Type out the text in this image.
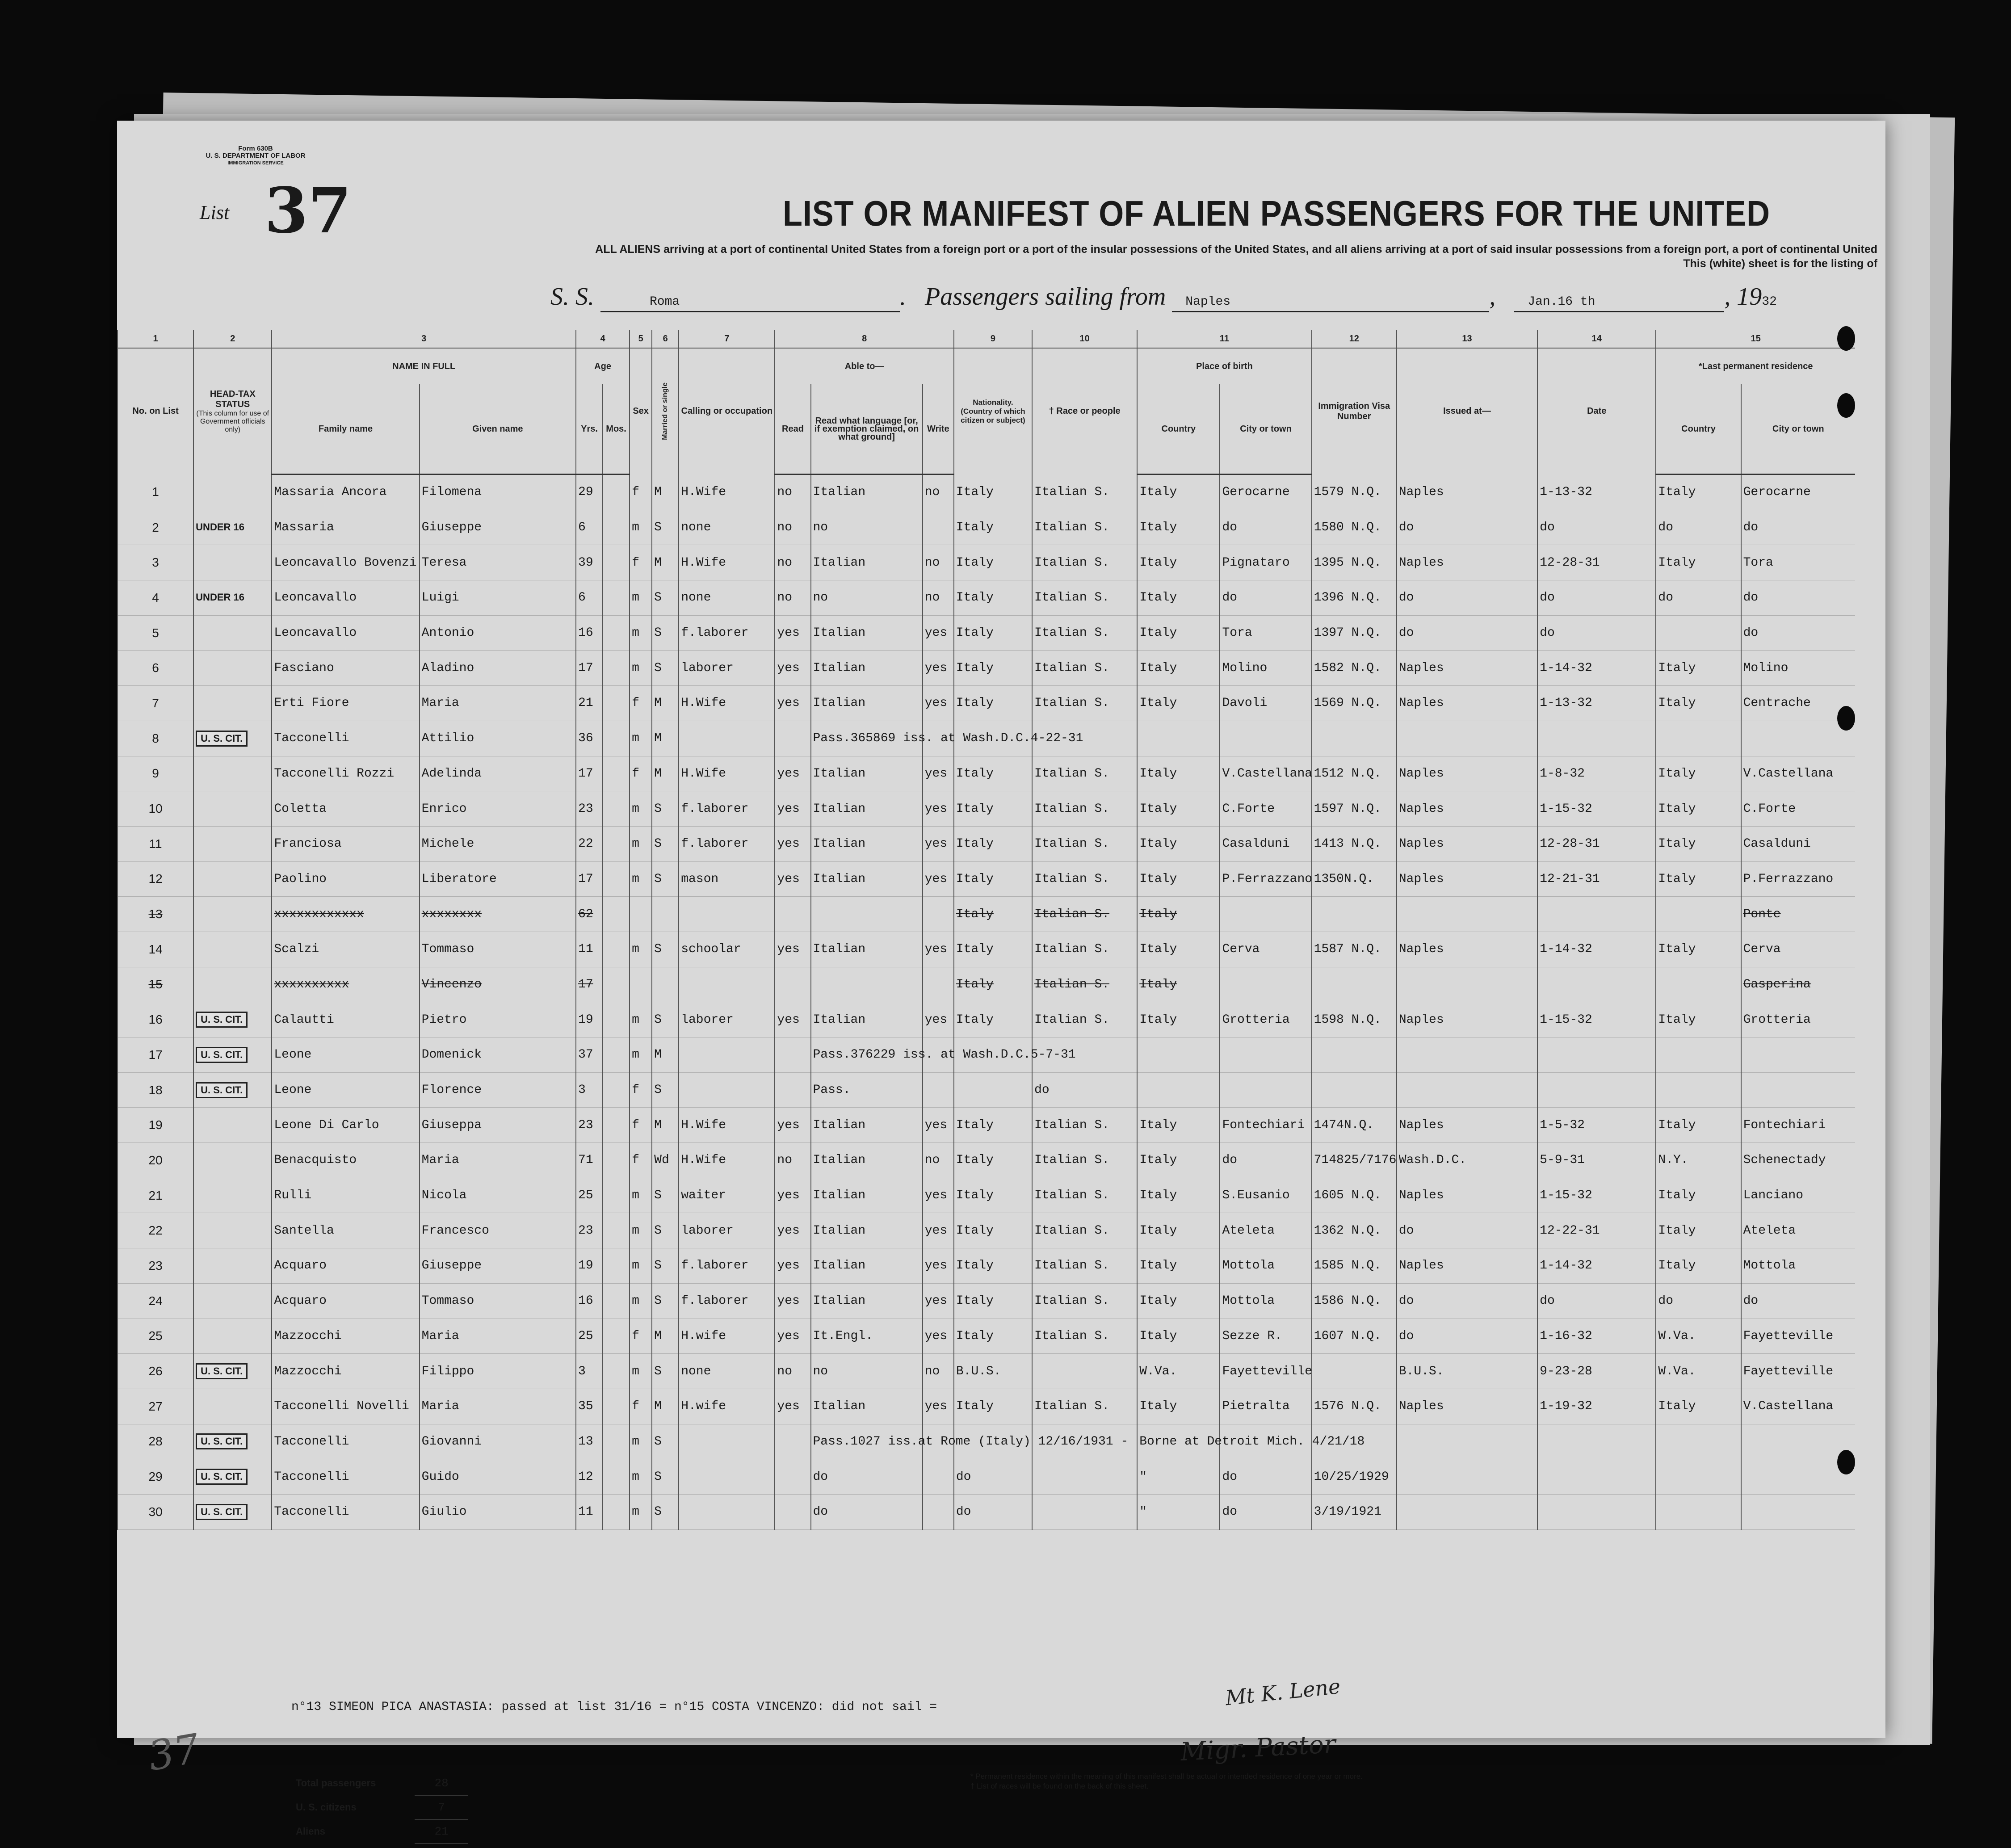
Form 630B
U. S. DEPARTMENT OF LABOR
IMMIGRATION SERVICE
List 37	LIST OR MANIFEST OF ALIEN PASSENGERS FOR THE UNITED
ALL ALIENS arriving at a port of continental United States from a foreign port or a port of the insular possessions of the United States, and all aliens arriving at a port of said insular possessions from a foreign port, a port of continental United
This (white) sheet is for the listing of
S. S.	Roma	.   Passengers sailing from Naples	,   Jan.16 th	, 1932
1	2	3		4		5	6	7	8			9	10	11		12	13	14	15	
No. on List	HEAD-TAX STATUS
(This column for use of Government officials only)	NAME IN FULL		Age		Sex	Married or single	Calling or occupation	Able to—			Nationality. (Country of which citizen or subject)	† Race or people	Place of birth		Immigration Visa Number	Issued at—	Date	*Last permanent residence	
		Family name	Given name	Yrs.	Mos.				Read	Read what language [or, if exemption claimed, on what ground]	Write			Country	City or town				Country	City or town
1		Massaria Ancora	Filomena	29		f	M	H.Wife	no	Italian	no	Italy	Italian S.	Italy	Gerocarne	1579 N.Q.	Naples	1-13-32	Italy	Gerocarne
2	UNDER 16	Massaria	Giuseppe	6		m	S	none	no	no		Italy	Italian S.	Italy	do	1580 N.Q.	do	do	do	do
3		Leoncavallo Bovenzi	Teresa	39		f	M	H.Wife	no	Italian	no	Italy	Italian S.	Italy	Pignataro	1395 N.Q.	Naples	12-28-31	Italy	Tora
4	UNDER 16	Leoncavallo	Luigi	6		m	S	none	no	no	no	Italy	Italian S.	Italy	do	1396 N.Q.	do	do	do	do
5		Leoncavallo	Antonio	16		m	S	f.laborer	yes	Italian	yes	Italy	Italian S.	Italy	Tora	1397 N.Q.	do	do		do
6		Fasciano	Aladino	17		m	S	laborer	yes	Italian	yes	Italy	Italian S.	Italy	Molino	1582 N.Q.	Naples	1-14-32	Italy	Molino
7		Erti Fiore	Maria	21		f	M	H.Wife	yes	Italian	yes	Italy	Italian S.	Italy	Davoli	1569 N.Q.	Naples	1-13-32	Italy	Centrache
8	U. S. CIT.	Tacconelli	Attilio	36		m	M			Pass.365869 iss. at Wash.D.C.4-22-31										
9		Tacconelli Rozzi	Adelinda	17		f	M	H.Wife	yes	Italian	yes	Italy	Italian S.	Italy	V.Castellana	1512 N.Q.	Naples	1-8-32	Italy	V.Castellana
10		Coletta	Enrico	23		m	S	f.laborer	yes	Italian	yes	Italy	Italian S.	Italy	C.Forte	1597 N.Q.	Naples	1-15-32	Italy	C.Forte
11		Franciosa	Michele	22		m	S	f.laborer	yes	Italian	yes	Italy	Italian S.	Italy	Casalduni	1413 N.Q.	Naples	12-28-31	Italy	Casalduni
12		Paolino	Liberatore	17		m	S	mason	yes	Italian	yes	Italy	Italian S.	Italy	P.Ferrazzano	1350N.Q.	Naples	12-21-31	Italy	P.Ferrazzano
13		xxxxxxxxxxxx	xxxxxxxx	62								Italy	Italian S.	Italy						Ponte
14		Scalzi	Tommaso	11		m	S	schoolar	yes	Italian	yes	Italy	Italian S.	Italy	Cerva	1587 N.Q.	Naples	1-14-32	Italy	Cerva
15		xxxxxxxxxx	Vincenzo	17								Italy	Italian S.	Italy						Gasperina
16	U. S. CIT.	Calautti	Pietro	19		m	S	laborer	yes	Italian	yes	Italy	Italian S.	Italy	Grotteria	1598 N.Q.	Naples	1-15-32	Italy	Grotteria
17	U. S. CIT.	Leone	Domenick	37		m	M			Pass.376229 iss. at Wash.D.C.5-7-31										
18	U. S. CIT.	Leone	Florence	3		f	S			Pass.			do							
19		Leone Di Carlo	Giuseppa	23		f	M	H.Wife	yes	Italian	yes	Italy	Italian S.	Italy	Fontechiari	1474N.Q.	Naples	1-5-32	Italy	Fontechiari
20		Benacquisto	Maria	71		f	Wd	H.Wife	no	Italian	no	Italy	Italian S.	Italy	do	714825/7176	Wash.D.C.	5-9-31	N.Y.	Schenectady
21		Rulli	Nicola	25		m	S	waiter	yes	Italian	yes	Italy	Italian S.	Italy	S.Eusanio	1605 N.Q.	Naples	1-15-32	Italy	Lanciano
22		Santella	Francesco	23		m	S	laborer	yes	Italian	yes	Italy	Italian S.	Italy	Ateleta	1362 N.Q.	do	12-22-31	Italy	Ateleta
23		Acquaro	Giuseppe	19		m	S	f.laborer	yes	Italian	yes	Italy	Italian S.	Italy	Mottola	1585 N.Q.	Naples	1-14-32	Italy	Mottola
24		Acquaro	Tommaso	16		m	S	f.laborer	yes	Italian	yes	Italy	Italian S.	Italy	Mottola	1586 N.Q.	do	do	do	do
25		Mazzocchi	Maria	25		f	M	H.wife	yes	It.Engl.	yes	Italy	Italian S.	Italy	Sezze R.	1607 N.Q.	do	1-16-32	W.Va.	Fayetteville
26	U. S. CIT.	Mazzocchi	Filippo	3		m	S	none	no	no	no	B.U.S.		W.Va.	Fayetteville		B.U.S.	9-23-28	W.Va.	Fayetteville
27		Tacconelli Novelli	Maria	35		f	M	H.wife	yes	Italian	yes	Italy	Italian S.	Italy	Pietralta	1576 N.Q.	Naples	1-19-32	Italy	V.Castellana
28	U. S. CIT.	Tacconelli	Giovanni	13		m	S			Pass.1027 iss.at Rome (Italy) 12/16/1931 -				Borne at Detroit Mich. 4/21/18						
29	U. S. CIT.	Tacconelli	Guido	12		m	S			do		do		"	do	10/25/1929				
30	U. S. CIT.	Tacconelli	Giulio	11		m	S			do		do		"	do	3/19/1921				
n°13 SIMEON PICA ANASTASIA: passed at list 31/16 = n°15 COSTA VINCENZO: did not sail =	Mt K. Lene
Migr. Pastor
37
Total passengers	28
U. S. citizens	7
Aliens	21
* Permanent residence within the meaning of this manifest shall be actual or intended residence of one year or more.
† List of races will be found on the back of this sheet.
